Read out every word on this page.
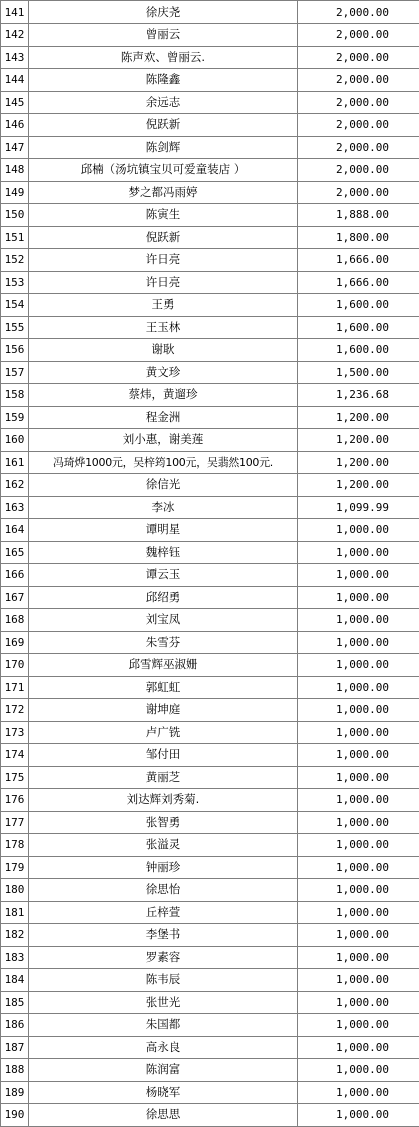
141	徐庆尧	2,000.00
142	曾丽云	2,000.00
143	陈声欢、曾丽云.	2,000.00
144	陈隆鑫	2,000.00
145	余远志	2,000.00
146	倪跃新	2,000.00
147	陈剑辉	2,000.00
148	邱楠（汤坑镇宝贝可爱童装店 ）	2,000.00
149	梦之都冯雨婷	2,000.00
150	陈寅生	1,888.00
151	倪跃新	1,800.00
152	许日亮	1,666.00
153	许日亮	1,666.00
154	王勇	1,600.00
155	王玉林	1,600.00
156	谢耿	1,600.00
157	黄文珍	1,500.00
158	蔡炜，黄遛珍	1,236.68
159	程金洲	1,200.00
160	刘小惠，谢美莲	1,200.00
161	冯琦烨1000元，吴梓筠100元，吴翡然100元.	1,200.00
162	徐信光	1,200.00
163	李冰	1,099.99
164	谭明星	1,000.00
165	魏梓钰	1,000.00
166	谭云玉	1,000.00
167	邱绍勇	1,000.00
168	刘宝凤	1,000.00
169	朱雪芬	1,000.00
170	邱雪辉巫淑姗	1,000.00
171	郭虹虹	1,000.00
172	谢坤庭	1,000.00
173	卢广铣	1,000.00
174	邹付田	1,000.00
175	黄丽芝	1,000.00
176	刘达辉刘秀菊.	1,000.00
177	张智勇	1,000.00
178	张溢灵	1,000.00
179	钟丽珍	1,000.00
180	徐思怡	1,000.00
181	丘梓萱	1,000.00
182	李堡书	1,000.00
183	罗素容	1,000.00
184	陈韦辰	1,000.00
185	张世光	1,000.00
186	朱国都	1,000.00
187	高永良	1,000.00
188	陈润富	1,000.00
189	杨晓军	1,000.00
190	徐思思	1,000.00
